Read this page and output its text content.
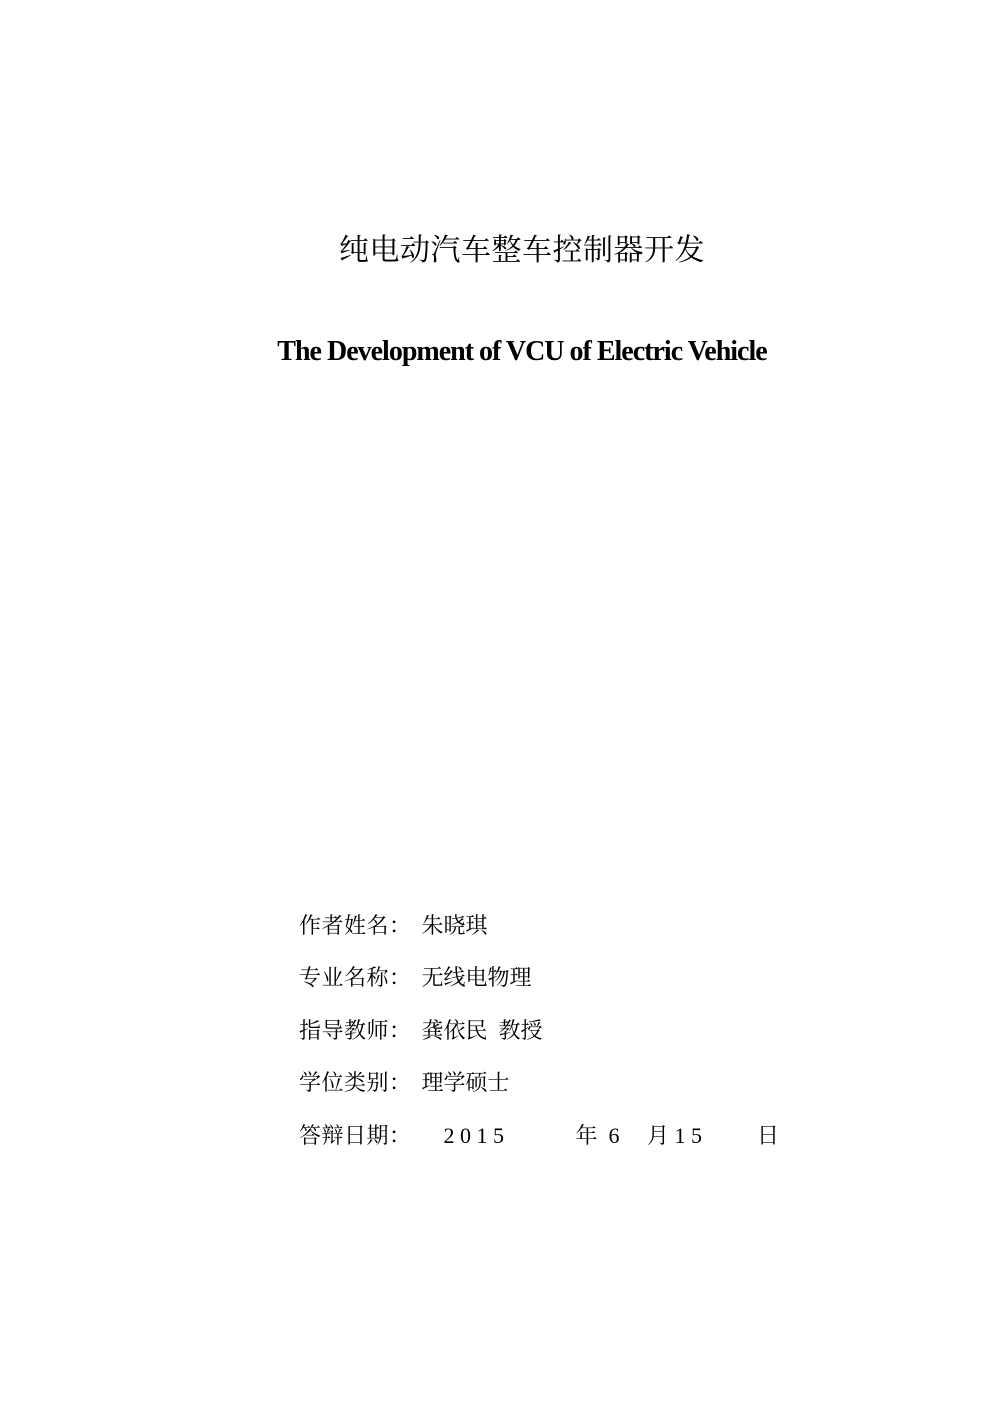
纯电动汽车整车控制器开发
The Development of VCU of Electric Vehicle

作者姓名： 朱晓琪

专业名称： 无线电物理

指导教师： 龚依民  教授

学位类别： 理学硕士

答辩日期：    2 0 1 5             年  6     月 1 5          日
